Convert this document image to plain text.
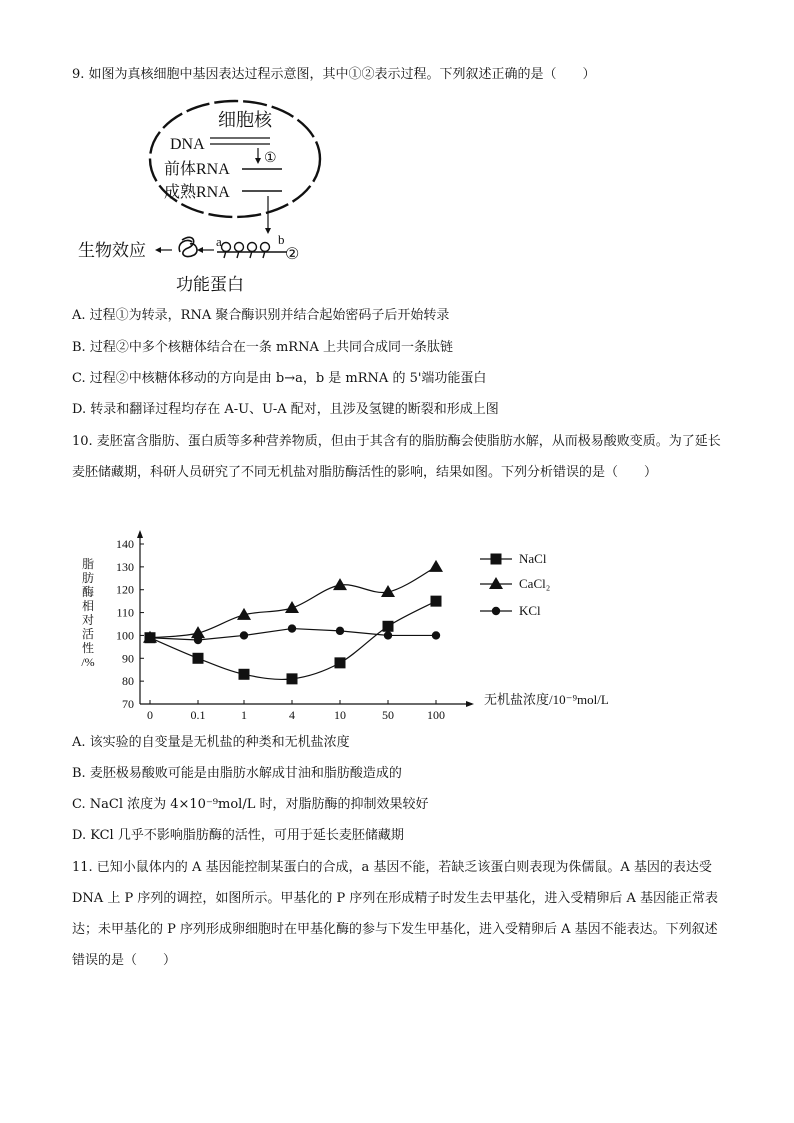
9. 如图为真核细胞中基因表达过程示意图，其中①②表示过程。下列叙述正确的是（　　）
细胞核
DNA
①
前体RNA
成熟RNA
a	b
②
生物效应
功能蛋白
A. 过程①为转录，RNA 聚合酶识别并结合起始密码子后开始转录
B. 过程②中多个核糖体结合在一条 mRNA 上共同合成同一条肽链
C. 过程②中核糖体移动的方向是由 b→a，b 是 mRNA 的 5'端功能蛋白
D. 转录和翻译过程均存在 A-U、U-A 配对，且涉及氢键的断裂和形成上图
10. 麦胚富含脂肪、蛋白质等多种营养物质，但由于其含有的脂肪酶会使脂肪水解，从而极易酸败变质。为了延长麦胚储藏期，科研人员研究了不同无机盐对脂肪酶活性的影响，结果如图。下列分析错误的是（　　）
70
80
90
100
110
120
130
140
0	0.1	1	4	10	50	100
脂肪酶相对活性/%
无机盐浓度/10⁻⁹mol/L
NaCl
CaCl₂
KCl
A. 该实验的自变量是无机盐的种类和无机盐浓度
B. 麦胚极易酸败可能是由脂肪水解成甘油和脂肪酸造成的
C. NaCl 浓度为 4×10⁻⁹mol/L 时，对脂肪酶的抑制效果较好
D. KCl 几乎不影响脂肪酶的活性，可用于延长麦胚储藏期
11. 已知小鼠体内的 A 基因能控制某蛋白的合成，a 基因不能，若缺乏该蛋白则表现为侏儒鼠。A 基因的表达受 DNA 上 P 序列的调控，如图所示。甲基化的 P 序列在形成精子时发生去甲基化，进入受精卵后 A 基因能正常表达；未甲基化的 P 序列形成卵细胞时在甲基化酶的参与下发生甲基化，进入受精卵后 A 基因不能表达。下列叙述错误的是（　　）
